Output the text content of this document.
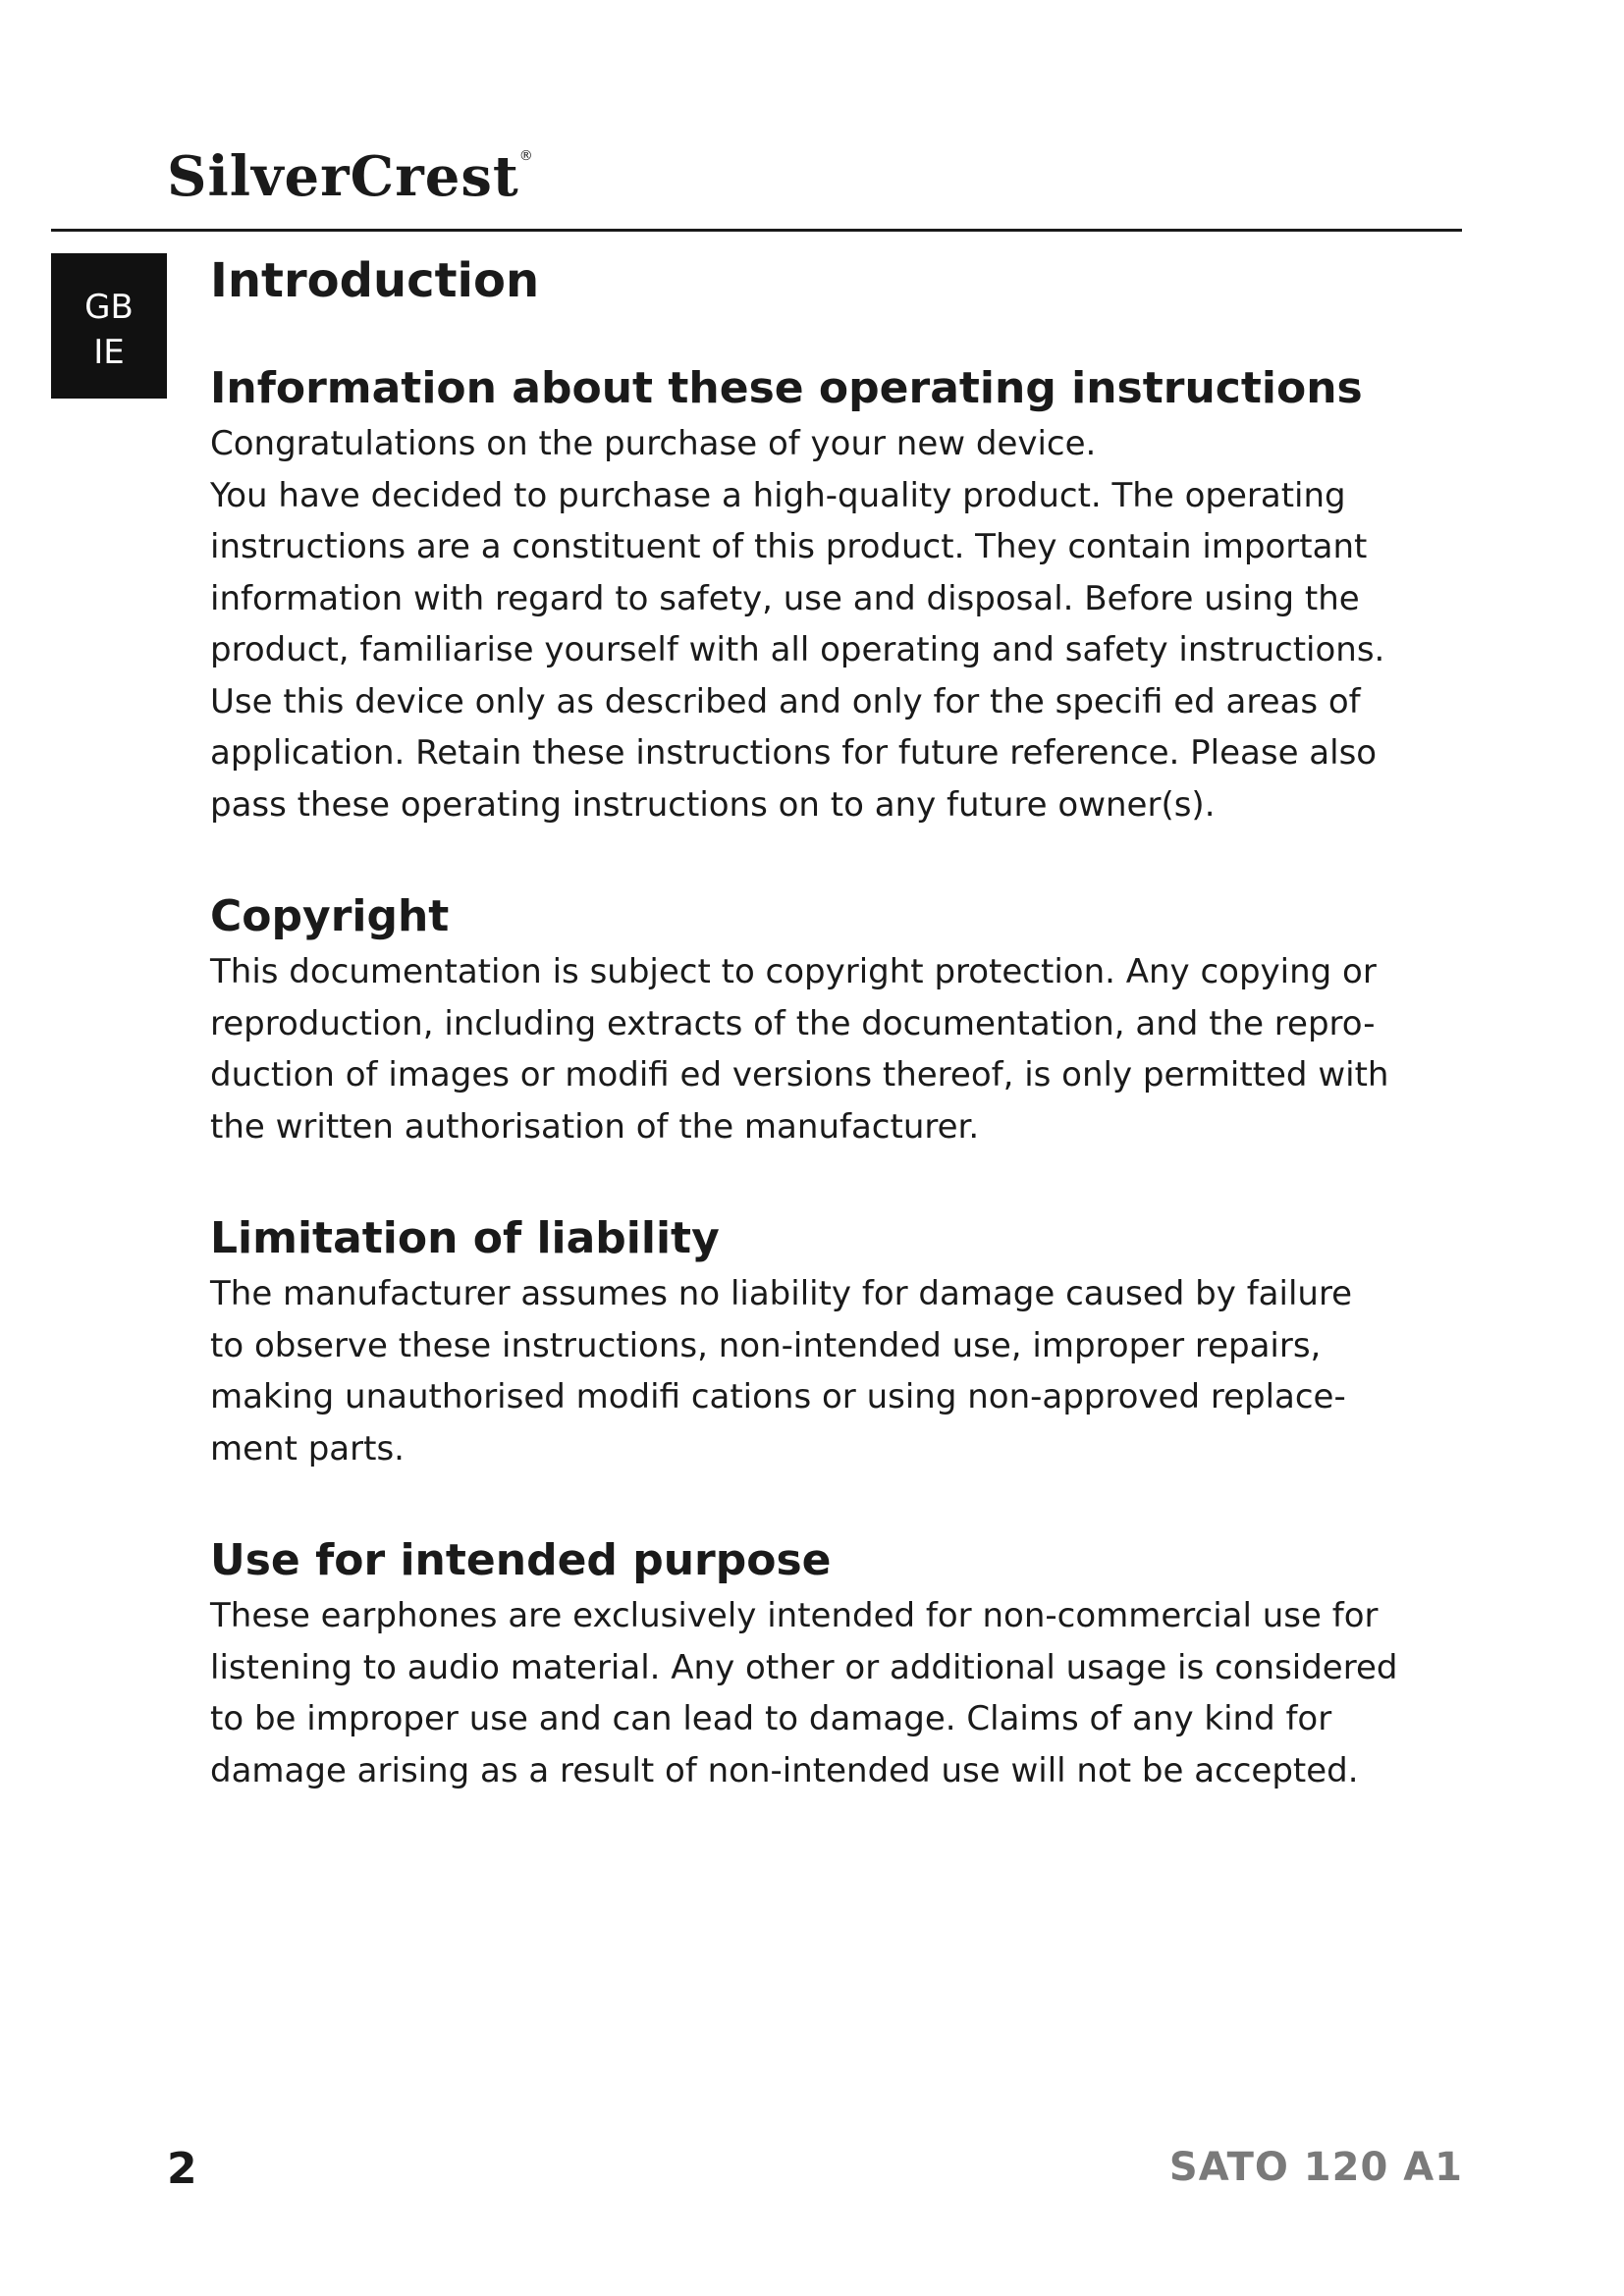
SilverCrest®
GB
IE
Introduction
Information about these operating instructions

Congratulations on the purchase of your new device.

You have decided to purchase a high-quality product. The operating
instructions are a constituent of this product. They contain important
information with regard to safety, use and disposal. Before using the
product, familiarise yourself with all operating and safety instructions.
Use this device only as described and only for the specifi ed areas of
application. Retain these instructions for future reference. Please also
pass these operating instructions on to any future owner(s).

Copyright

This documentation is subject to copyright protection. Any copying or
reproduction, including extracts of the documentation, and the repro-
duction of images or modifi ed versions thereof, is only permitted with
the written authorisation of the manufacturer.

Limitation of liability

The manufacturer assumes no liability for damage caused by failure
to observe these instructions, non-intended use, improper repairs,
making unauthorised modifi cations or using non-approved replace-
ment parts.

Use for intended purpose

These earphones are exclusively intended for non-commercial use for
listening to audio material. Any other or additional usage is considered
to be improper use and can lead to damage. Claims of any kind for
damage arising as a result of non-intended use will not be accepted.

2	SATO 120 A1
